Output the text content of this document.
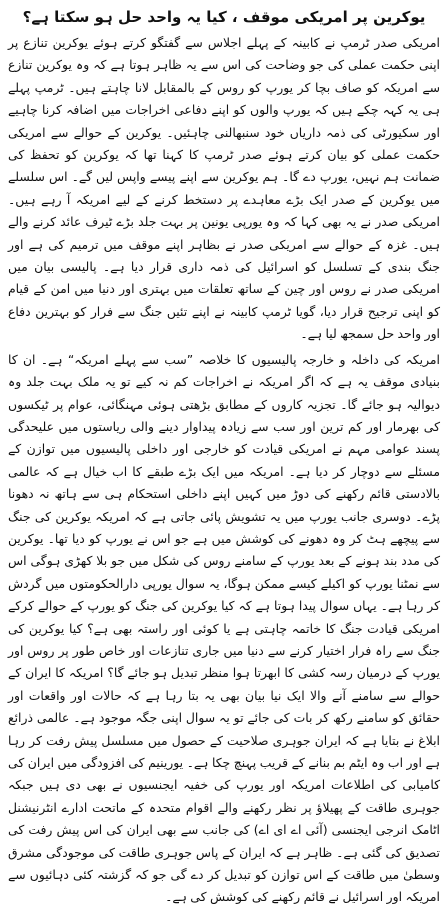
یوکرین پر امریکی موقف ، کیا یہ واحد حل ہو سکتا ہے؟

امریکی صدر ٹرمپ نے کابینہ کے پہلے اجلاس سے گفتگو کرتے ہوئے یوکرین تنازع پر اپنی حکمت عملی کی جو وضاحت کی اس سے یہ ظاہر ہوتا ہے کہ وہ یوکرین تنازع سے امریکہ کو صاف بچا کر یورپ کو روس کے بالمقابل لانا چاہتے ہیں۔ ٹرمپ پہلے ہی یہ کہہ چکے ہیں کہ یورپ والوں کو اپنے دفاعی اخراجات میں اضافہ کرنا چاہیے اور سکیورٹی کی ذمہ داریاں خود سنبھالنی چاہئیں۔ یوکرین کے حوالے سے امریکی حکمت عملی کو بیان کرتے ہوئے صدر ٹرمپ کا کہنا تھا کہ یوکرین کو تحفظ کی ضمانت ہم نہیں، یورپ دے گا۔ ہم یوکرین سے اپنے پیسے واپس لیں گے۔ اس سلسلے میں یوکرین کے صدر ایک بڑے معاہدے پر دستخط کرنے کے لیے امریکہ آ رہے ہیں۔ امریکی صدر نے یہ بھی کہا کہ وہ یورپی یونین پر بہت جلد بڑے ٹیرف عائد کرنے والے ہیں۔ غزہ کے حوالے سے امریکی صدر نے بظاہر اپنے موقف میں ترمیم کی ہے اور جنگ بندی کے تسلسل کو اسرائیل کی ذمہ داری قرار دیا ہے۔ پالیسی بیان میں امریکی صدر نے روس اور چین کے ساتھ تعلقات میں بہتری اور دنیا میں امن کے قیام کو اپنی ترجیح قرار دیا، گویا ٹرمپ کابینہ نے اپنے تئیں جنگ سے فرار کو بہترین دفاع اور واحد حل سمجھ لیا ہے۔

امریکہ کی داخلہ و خارجہ پالیسیوں کا خلاصہ ”سب سے پہلے امریکہ“ ہے۔ ان کا بنیادی موقف یہ ہے کہ اگر امریکہ نے اخراجات کم نہ کیے تو یہ ملک بہت جلد وہ دیوالیہ ہو جائے گا۔ تجزیہ کاروں کے مطابق بڑھتی ہوئی مہنگائی، عوام پر ٹیکسوں کی بھرمار اور کم ترین اور سب سے زیادہ پیداوار دینے والی ریاستوں میں علیحدگی پسند عوامی مہم نے امریکی قیادت کو خارجی اور داخلی پالیسیوں میں توازن کے مسئلے سے دوچار کر دیا ہے۔ امریکہ میں ایک بڑے طبقے کا اب خیال ہے کہ عالمی بالادستی قائم رکھنے کی دوڑ میں کہیں اپنے داخلی استحکام ہی سے ہاتھ نہ دھونا پڑے۔ دوسری جانب یورپ میں یہ تشویش پائی جاتی ہے کہ امریکہ یوکرین کی جنگ سے پیچھے ہٹ کر وہ دھونے کی کوشش میں ہے جو اس نے یورپ کو دیا تھا۔ یوکرین کی مدد بند ہونے کے بعد یورپ کے سامنے روس کی شکل میں جو بلا کھڑی ہوگی اس سے نمٹنا یورپ کو اکیلے کیسے ممکن ہوگا، یہ سوال یورپی دارالحکومتوں میں گردش کر رہا ہے۔ یہاں سوال پیدا ہوتا ہے کہ کیا یوکرین کی جنگ کو یورپ کے حوالے کرکے امریکی قیادت جنگ کا خاتمہ چاہتی ہے یا کوئی اور راستہ بھی ہے؟ کیا یوکرین کی جنگ سے راہ فرار اختیار کرنے سے دنیا میں جاری تنازعات اور خاص طور پر روس اور یورپ کے درمیان رسہ کشی کا ابھرتا ہوا منظر تبدیل ہو جائے گا؟ امریکہ کا ایران کے حوالے سے سامنے آنے والا ایک نیا بیان بھی یہ بتا رہا ہے کہ حالات اور واقعات اور حقائق کو سامنے رکھ کر بات کی جائے تو یہ سوال اپنی جگہ موجود ہے۔ عالمی ذرائع ابلاغ نے بتایا ہے کہ ایران جوہری صلاحیت کے حصول میں مسلسل پیش رفت کر رہا ہے اور اب وہ ایٹم بم بنانے کے قریب پہنچ چکا ہے۔ یورینیم کی افزودگی میں ایران کی کامیابی کی اطلاعات امریکہ اور یورپ کی خفیہ ایجنسیوں نے بھی دی ہیں جبکہ جوہری طاقت کے پھیلاؤ پر نظر رکھنے والے اقوام متحدہ کے ماتحت ادارے انٹرنیشنل اٹامک انرجی ایجنسی (آئی اے ای اے) کی جانب سے بھی ایران کی اس پیش رفت کی تصدیق کی گئی ہے۔ ظاہر ہے کہ ایران کے پاس جوہری طاقت کی موجودگی مشرق وسطیٰ میں طاقت کے اس توازن کو تبدیل کر دے گی جو کہ گزشتہ کئی دہائیوں سے امریکہ اور اسرائیل نے قائم رکھنے کی کوشش کی ہے۔
